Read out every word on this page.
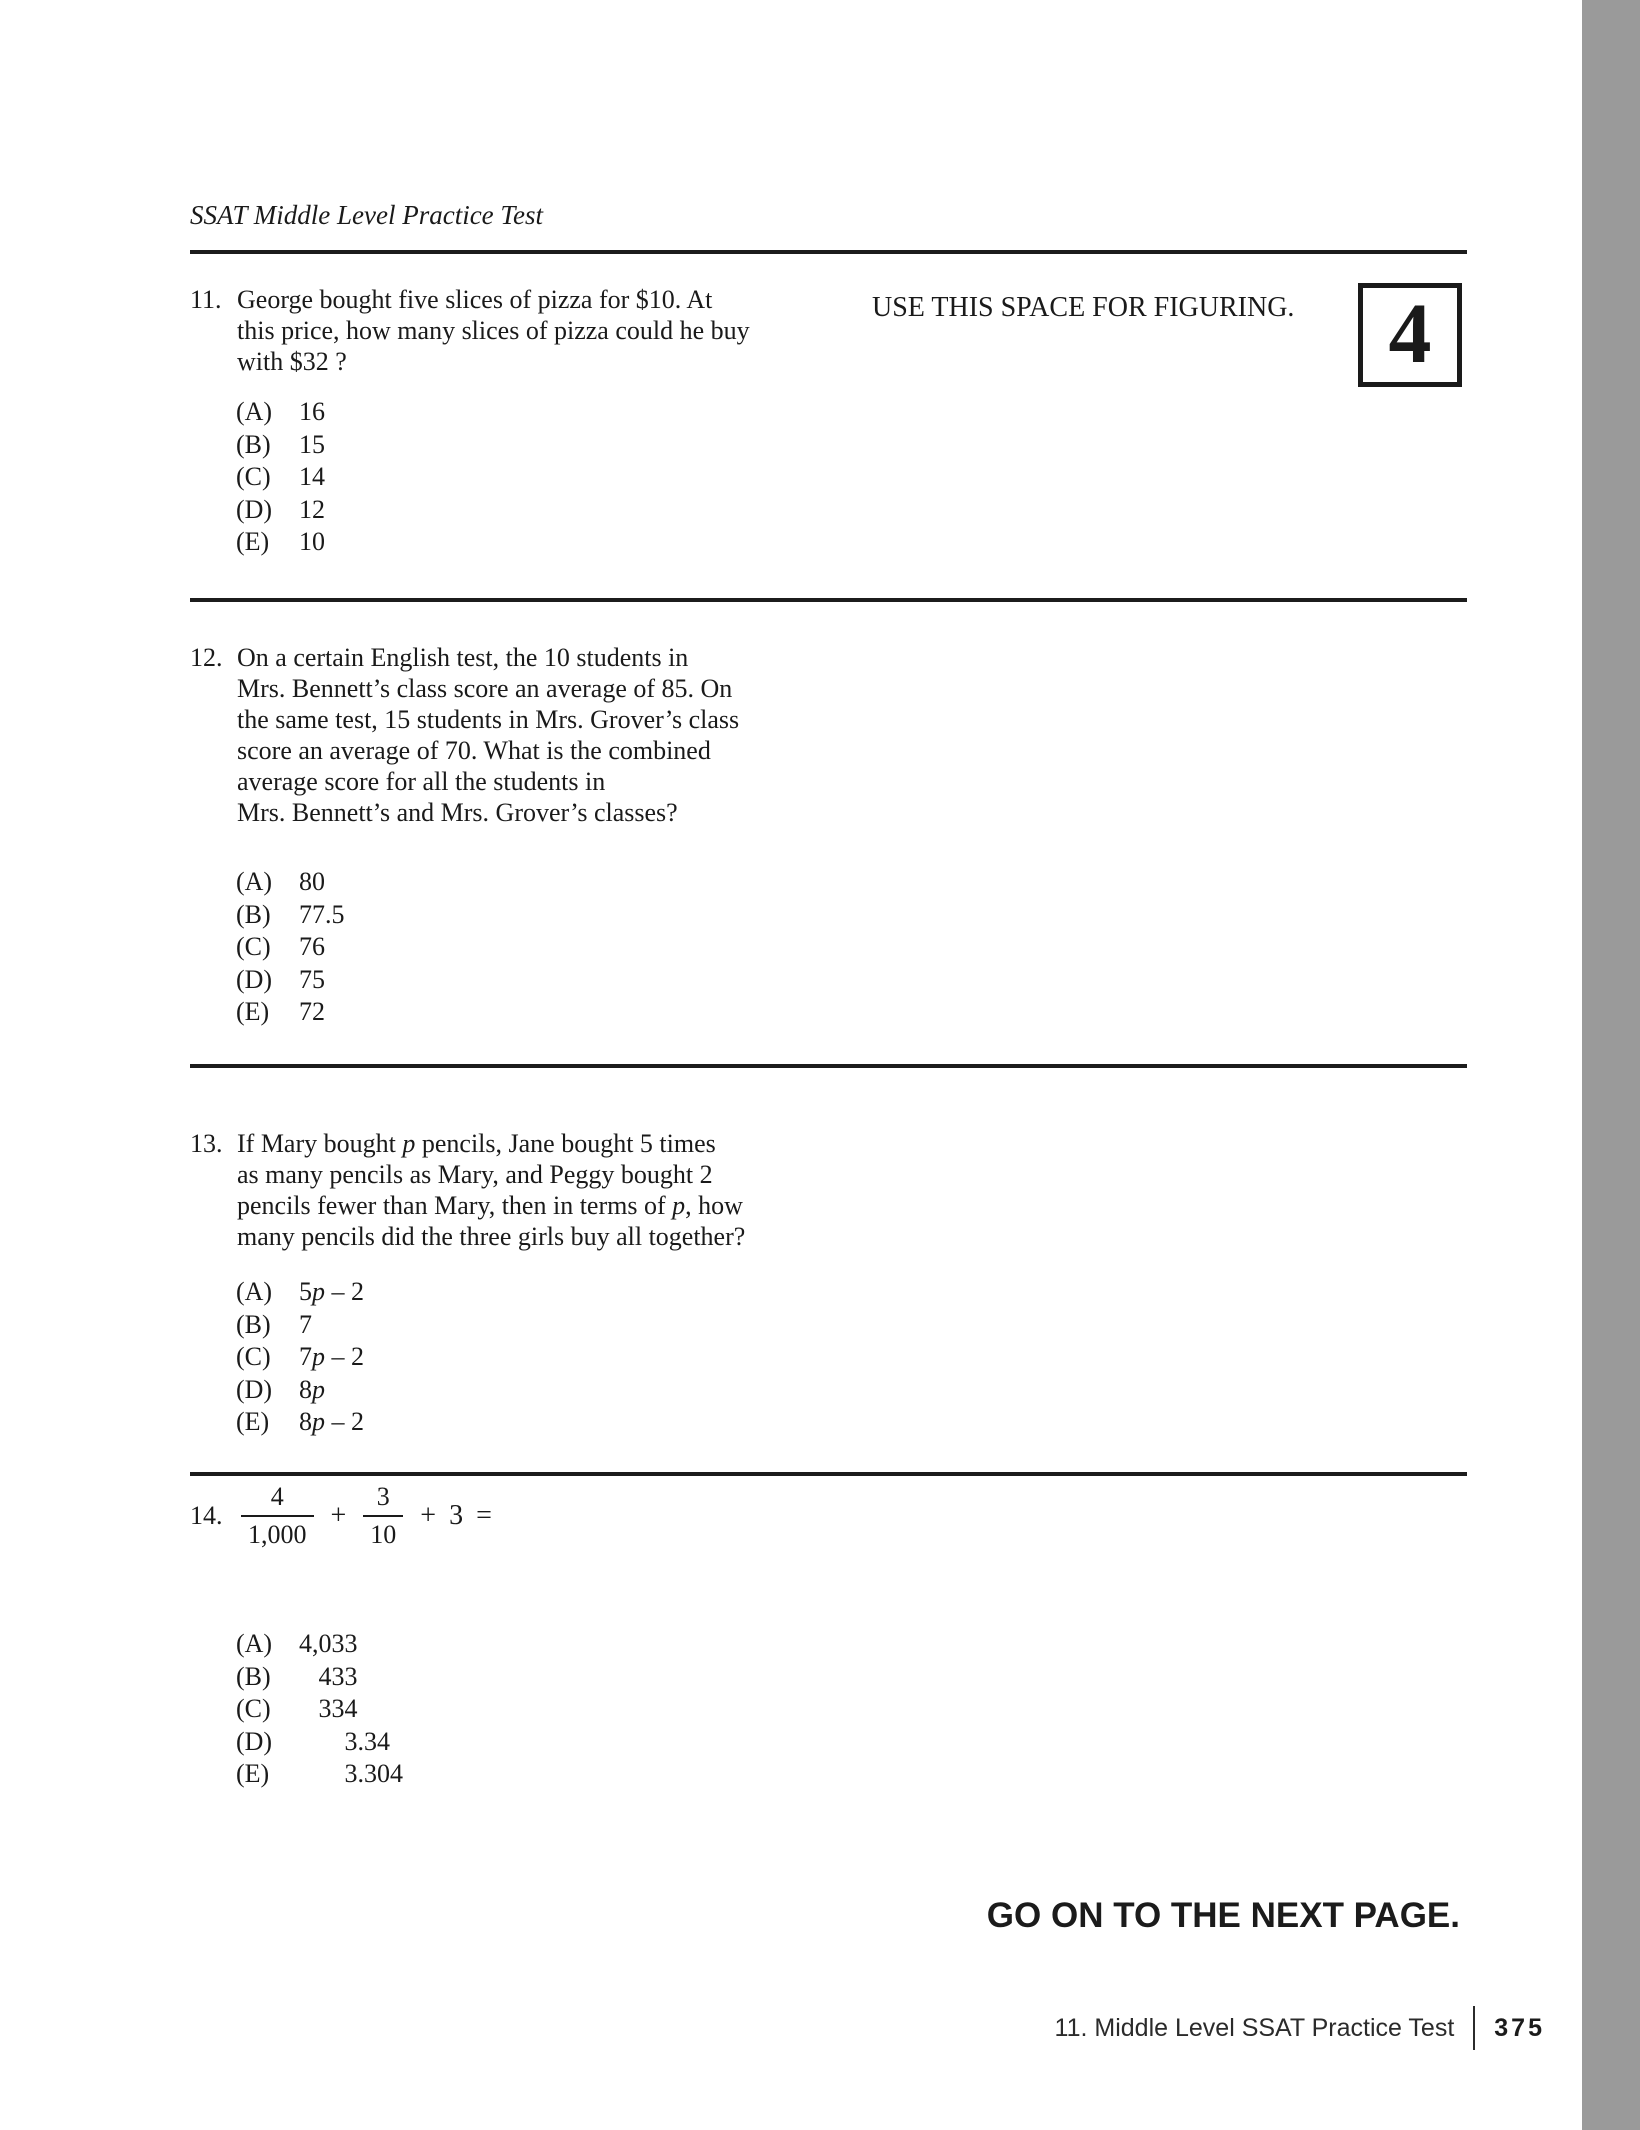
SSAT Middle Level Practice Test
USE THIS SPACE FOR FIGURING. 4
11. George bought five slices of pizza for $10. At
this price, how many slices of pizza could he buy
with $32 ?
(A)	16
(B)	15
(C)	14
(D)	12
(E)	10
12. On a certain English test, the 10 students in
Mrs. Bennett’s class score an average of 85. On
the same test, 15 students in Mrs. Grover’s class
score an average of 70. What is the combined
average score for all the students in
Mrs. Bennett’s and Mrs. Grover’s classes?
(A)	80
(B)	77.5
(C)	76
(D)	75
(E)	72
13. If Mary bought p pencils, Jane bought 5 times
as many pencils as Mary, and Peggy bought 2
pencils fewer than Mary, then in terms of p, how
many pencils did the three girls buy all together?
(A)	5p – 2
(B)	7
(C)	7p – 2
(D)	8p
(E)	8p – 2
14. $\frac{4}{1,000} + \frac{3}{10} + 3$ =
(A)	4,033
(B)	433
(C)	334
(D)	3.34
(E)	3.304
GO ON TO THE NEXT PAGE.
11. Middle Level SSAT Practice Test 375
